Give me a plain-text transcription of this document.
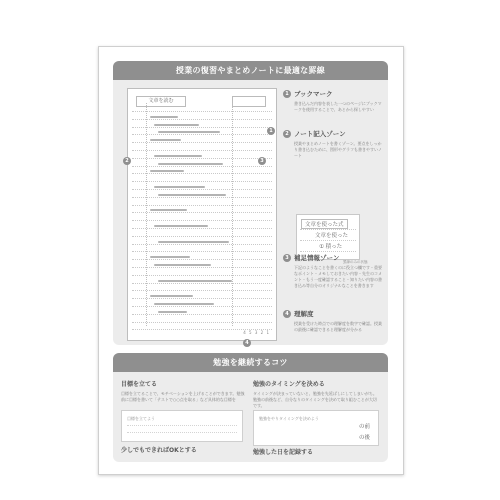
授業の復習やまとめノートに最適な罫線
文章を読む
4 5 3 2 1
2
1
3
4
1 ブックマーク
書き込んだ内容を表した一つのページにブックマークを使用することで、あとから探しやすい
2 ノート記入ゾーン
授業やまとめノートを書くゾーン。要点をしっかり書き込むために、図形やグラフも書きやすいノート
文章を使った式
文章を使った
① 積った
罫線のみの状態
3 補足情報ゾーン
下記のようなことを書くのに役立つ欄です・重要なポイント・メモしておきたい内容・先生のコメント・もう一度確認すること・知りたい内容の書き込み等自分のオリジナルなことを書きます
4 理解度
授業を受けた時点での理解度を数字で確認。授業の最後に確認できると理解度が分かる
勉強を継続するコツ
目標を立てる
目標を立てることで、モチベーションを上げることができます。勉強前に目標を書いて「テストで○○点を取る」など具体的な目標を
目標を立てよう
勉強のタイミングを決める
タイミングが決まっていないと、勉強を先延ばしにしてしまいがち。勉強の前後など、自分なりのタイミングを決めて取り組むことが大切です。
勉強をやりタイミングを決めよう
の前
の後
少しでもできればOKとする	勉強した日を記録する
